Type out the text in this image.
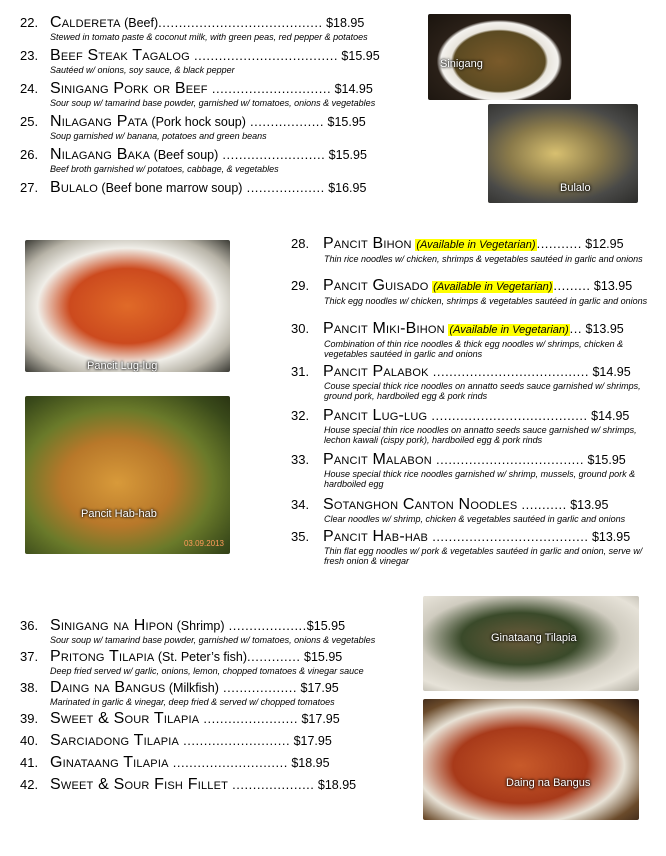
22. Caldereta (Beef)........................................ $18.95
Stewed in tomato paste & coconut milk, with green peas, red pepper & potatoes
23. Beef Steak Tagalog ................................... $15.95
Sautéed w/ onions, soy sauce, & black pepper
24. Sinigang Pork or Beef ............................. $14.95
Sour soup w/ tamarind base powder, garnished w/ tomatoes, onions & vegetables
25. Nilagang Pata (Pork hock soup) .................. $15.95
Soup garnished w/ banana, potatoes and green beans
26. Nilagang Baka (Beef soup) ......................... $15.95
Beef broth garnished w/ potatoes, cabbage, & vegetables
27. Bulalo (Beef bone marrow soup) ................... $16.95
28. Pancit Bihon (Available in Vegetarian)........... $12.95
Thin rice noodles w/ chicken, shrimps & vegetables sautéed in garlic and onions
29. Pancit Guisado (Available in Vegetarian)......... $13.95
Thick egg noodles w/ chicken, shrimps & vegetables sautéed in garlic and onions
30. Pancit Miki-Bihon (Available in Vegetarian)... $13.95
Combination of thin rice noodles & thick egg noodles w/ shrimps, chicken & vegetables sautéed in garlic and onions
31. Pancit Palabok ...................................... $14.95
Couse special thick rice noodles on annatto seeds sauce garnished w/ shrimps, ground pork, hardboiled egg & pork rinds
32. Pancit Lug-lug ...................................... $14.95
House special thin rice noodles on annatto seeds sauce garnished w/ shrimps, lechon kawali (cispy pork), hardboiled egg & pork rinds
33. Pancit Malabon .................................... $15.95
House special thick rice noodles garnished w/ shrimp, mussels, ground pork & hardboiled egg
34. Sotanghon Canton Noodles ........... $13.95
Clear noodles w/ shrimp, chicken & vegetables sautéed in garlic and onions
35. Pancit Hab-hab ...................................... $13.95
Thin flat egg noodles w/ pork & vegetables sautéed in garlic and onion, serve w/ fresh onion & vinegar
36. Sinigang na Hipon (Shrimp) ...................$15.95
Sour soup w/ tamarind base powder, garnished w/ tomatoes, onions & vegetables
37. Pritong Tilapia (St. Peter’s fish)............. $15.95
Deep fried served w/ garlic, onions, lemon, chopped tomatoes & vinegar sauce
38. Daing na Bangus (Milkfish) .................. $17.95
Marinated in garlic & vinegar, deep fried & served w/ chopped tomatoes
39. Sweet & Sour Tilapia ....................... $17.95
40. Sarciadong Tilapia .......................... $17.95
41. Ginataang Tilapia ............................ $18.95
42. Sweet & Sour Fish Fillet .................... $18.95
Sinigang
Bulalo
Pancit Lug-lug
Pancit Hab-hab
03.09.2013
Ginataang Tilapia
Daing na Bangus
